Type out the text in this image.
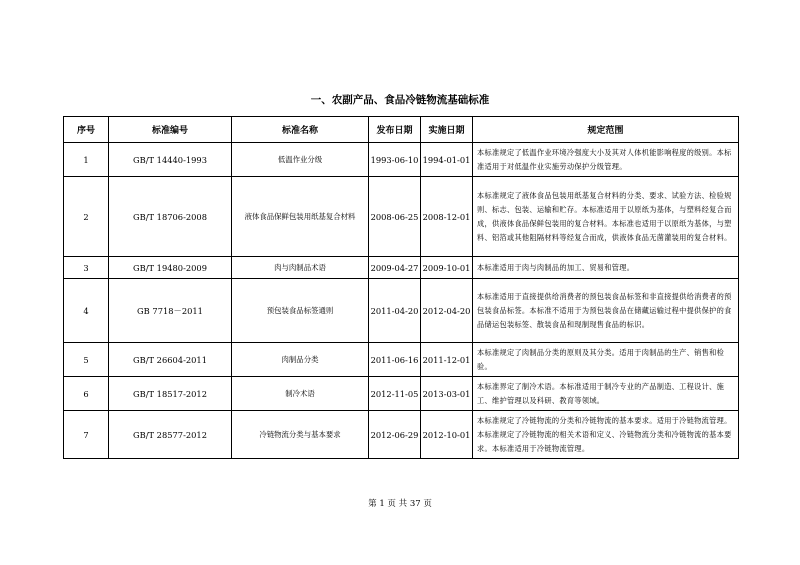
一、农副产品、食品冷链物流基础标准
序号	标准编号	标准名称	发布日期	实施日期	规定范围
1	GB/T 14440-1993	低温作业分级	1993-06-10	1994-01-01	本标准规定了低温作业环境冷强度大小及其对人体机能影响程度的级别。本标准适用于对低温作业实施劳动保护分级管理。
2	GB/T 18706-2008	液体食品保鲜包装用纸基复合材料	2008-06-25	2008-12-01	本标准规定了液体食品包装用纸基复合材料的分类、要求、试验方法、检验规则、标志、包装、运输和贮存。本标准适用于以原纸为基体，与塑料经复合而成，供液体食品保鲜包装用的复合材料。本标准也适用于以原纸为基体，与塑料、铝箔或其他阻隔材料等经复合而成，供液体食品无菌灌装用的复合材料。
3	GB/T 19480-2009	肉与肉制品术语	2009-04-27	2009-10-01	本标准适用于肉与肉制品的加工、贸易和管理。
4	GB 7718－2011	预包装食品标签通则	2011-04-20	2012-04-20	本标准适用于直接提供给消费者的预包装食品标签和非直接提供给消费者的预包装食品标签。本标准不适用于为预包装食品在储藏运输过程中提供保护的食品储运包装标签、散装食品和现制现售食品的标识。
5	GB/T 26604-2011	肉制品分类	2011-06-16	2011-12-01	本标准规定了肉制品分类的原则及其分类。适用于肉制品的生产、销售和检验。
6	GB/T 18517-2012	制冷术语	2012-11-05	2013-03-01	本标准界定了制冷术语。本标准适用于制冷专业的产品制造、工程设计、施工、维护管理以及科研、教育等领域。
7	GB/T 28577-2012	冷链物流分类与基本要求	2012-06-29	2012-10-01	本标准规定了冷链物流的分类和冷链物流的基本要求。适用于冷链物流管理。本标准规定了冷链物流的相关术语和定义、冷链物流分类和冷链物流的基本要求。本标准适用于冷链物流管理。
第 1 页 共 37 页
